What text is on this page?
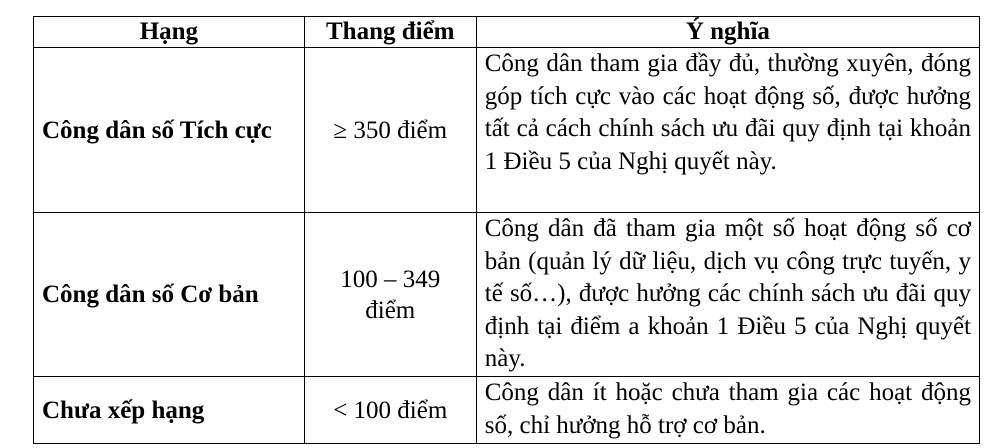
Hạng	Thang điểm	Ý nghĩa
Công dân số Tích cực	≥ 350 điểm	Công dân tham gia đầy đủ, thường xuyên, đóng góp tích cực vào các hoạt động số, được hưởng tất cả cách chính sách ưu đãi quy định tại khoản 1 Điều 5 của Nghị quyết này.
Công dân số Cơ bản	100 – 349 điểm	Công dân đã tham gia một số hoạt động số cơ bản (quản lý dữ liệu, dịch vụ công trực tuyến, y tế số…), được hưởng các chính sách ưu đãi quy định tại điểm a khoản 1 Điều 5 của Nghị quyết này.
Chưa xếp hạng	< 100 điểm	Công dân ít hoặc chưa tham gia các hoạt động số, chỉ hưởng hỗ trợ cơ bản.
